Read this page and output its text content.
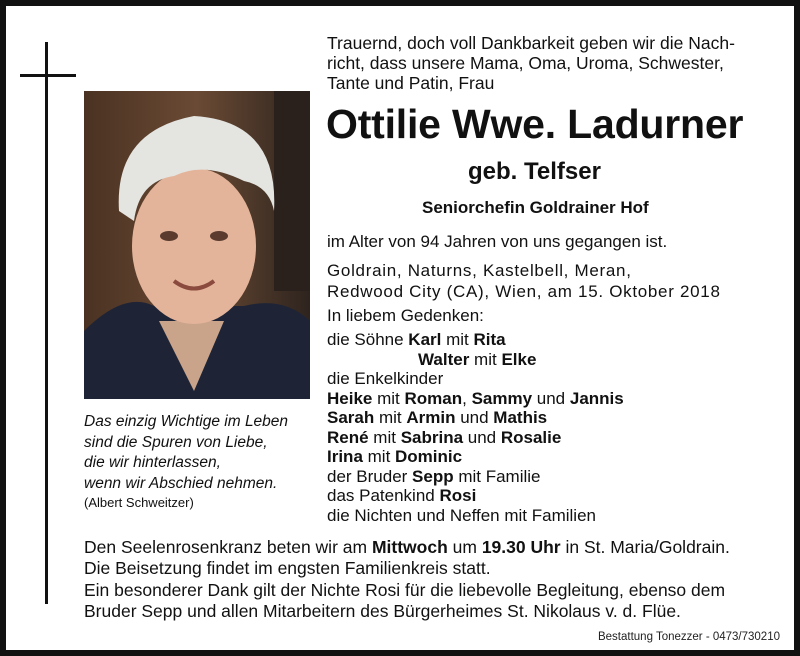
Das einzig Wichtige im Leben
sind die Spuren von Liebe,
die wir hinterlassen,
wenn wir Abschied nehmen.
(Albert Schweitzer)
Trauernd, doch voll Dankbarkeit geben wir die Nach-
richt, dass unsere Mama, Oma, Uroma, Schwester,
Tante und Patin, Frau
Ottilie Wwe. Ladurner
geb. Telfser
Seniorchefin Goldrainer Hof
im Alter von 94 Jahren von uns gegangen ist.
Goldrain, Naturns, Kastelbell, Meran,
Redwood City (CA), Wien, am 15. Oktober 2018
In liebem Gedenken:
die Söhne Karl mit Rita
Walter mit Elke
die Enkelkinder
Heike mit Roman, Sammy und Jannis
Sarah mit Armin und Mathis
René mit Sabrina und Rosalie
Irina mit Dominic
der Bruder Sepp mit Familie
das Patenkind Rosi
die Nichten und Neffen mit Familien
Den Seelenrosenkranz beten wir am Mittwoch um 19.30 Uhr in St. Maria/Goldrain.
Die Beisetzung findet im engsten Familienkreis statt.
Ein besonderer Dank gilt der Nichte Rosi für die liebevolle Begleitung, ebenso dem
Bruder Sepp und allen Mitarbeitern des Bürgerheimes St. Nikolaus v. d. Flüe.
Bestattung Tonezzer - 0473/730210
